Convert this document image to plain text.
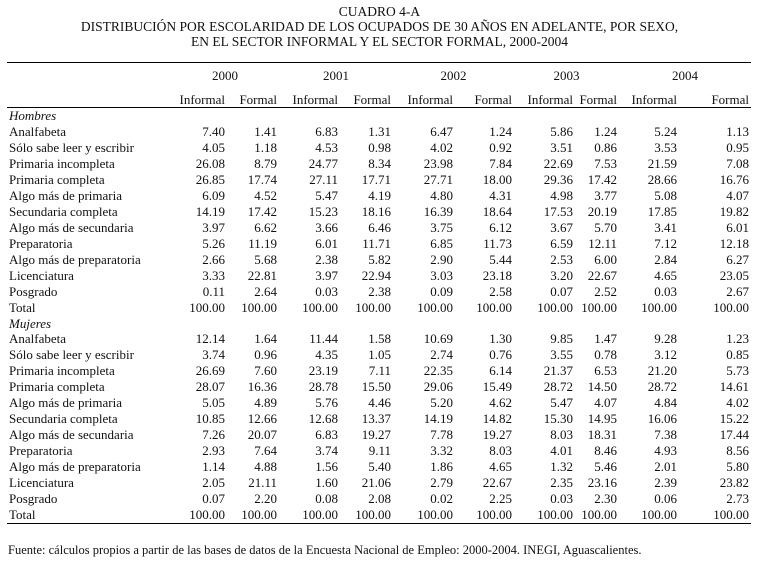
CUADRO 4-A
DISTRIBUCIÓN POR ESCOLARIDAD DE LOS OCUPADOS DE 30 AÑOS EN ADELANTE, POR SEXO,
EN EL SECTOR INFORMAL Y EL SECTOR FORMAL, 2000-2004
	2000		2001		2002		2003		2004	
	Informal	Formal	Informal	Formal	Informal	Formal	Informal	Formal	Informal	Formal
Hombres										
Analfabeta	7.40	1.41	6.83	1.31	6.47	1.24	5.86	1.24	5.24	1.13
Sólo sabe leer y escribir	4.05	1.18	4.53	0.98	4.02	0.92	3.51	0.86	3.53	0.95
Primaria incompleta	26.08	8.79	24.77	8.34	23.98	7.84	22.69	7.53	21.59	7.08
Primaria completa	26.85	17.74	27.11	17.71	27.71	18.00	29.36	17.42	28.66	16.76
Algo más de primaria	6.09	4.52	5.47	4.19	4.80	4.31	4.98	3.77	5.08	4.07
Secundaria completa	14.19	17.42	15.23	18.16	16.39	18.64	17.53	20.19	17.85	19.82
Algo más de secundaria	3.97	6.62	3.66	6.46	3.75	6.12	3.67	5.70	3.41	6.01
Preparatoria	5.26	11.19	6.01	11.71	6.85	11.73	6.59	12.11	7.12	12.18
Algo más de preparatoria	2.66	5.68	2.38	5.82	2.90	5.44	2.53	6.00	2.84	6.27
Licenciatura	3.33	22.81	3.97	22.94	3.03	23.18	3.20	22.67	4.65	23.05
Posgrado	0.11	2.64	0.03	2.38	0.09	2.58	0.07	2.52	0.03	2.67
Total	100.00	100.00	100.00	100.00	100.00	100.00	100.00	100.00	100.00	100.00
Mujeres										
Analfabeta	12.14	1.64	11.44	1.58	10.69	1.30	9.85	1.47	9.28	1.23
Sólo sabe leer y escribir	3.74	0.96	4.35	1.05	2.74	0.76	3.55	0.78	3.12	0.85
Primaria incompleta	26.69	7.60	23.19	7.11	22.35	6.14	21.37	6.53	21.20	5.73
Primaria completa	28.07	16.36	28.78	15.50	29.06	15.49	28.72	14.50	28.72	14.61
Algo más de primaria	5.05	4.89	5.76	4.46	5.20	4.62	5.47	4.07	4.84	4.02
Secundaria completa	10.85	12.66	12.68	13.37	14.19	14.82	15.30	14.95	16.06	15.22
Algo más de secundaria	7.26	20.07	6.83	19.27	7.78	19.27	8.03	18.31	7.38	17.44
Preparatoria	2.93	7.64	3.74	9.11	3.32	8.03	4.01	8.46	4.93	8.56
Algo más de preparatoria	1.14	4.88	1.56	5.40	1.86	4.65	1.32	5.46	2.01	5.80
Licenciatura	2.05	21.11	1.60	21.06	2.79	22.67	2.35	23.16	2.39	23.82
Posgrado	0.07	2.20	0.08	2.08	0.02	2.25	0.03	2.30	0.06	2.73
Total	100.00	100.00	100.00	100.00	100.00	100.00	100.00	100.00	100.00	100.00
Fuente: cálculos propios a partir de las bases de datos de la Encuesta Nacional de Empleo: 2000-2004. INEGI, Aguascalientes.
